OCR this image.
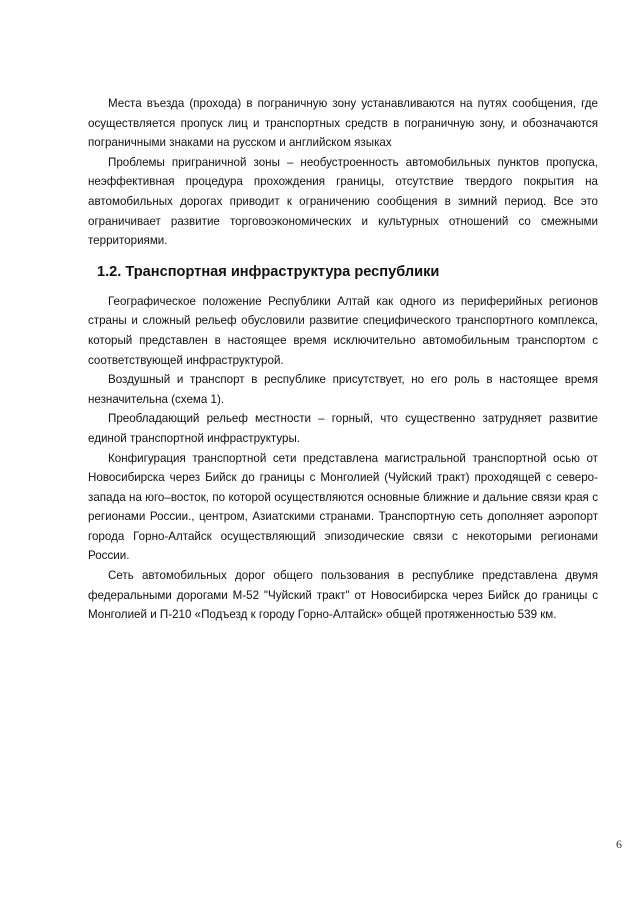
Места въезда (прохода) в пограничную зону устанавливаются на путях сообщения, где осуществляется пропуск лиц и транспортных средств в пограничную зону, и обозначаются пограничными знаками на русском и английском языках

Проблемы приграничной зоны – необустроенность автомобильных пунктов пропуска, неэффективная процедура прохождения границы, отсутствие твердого покрытия на автомобильных дорогах приводит к ограничению сообщения в зимний период. Все это ограничивает развитие торговоэкономических и культурных отношений со смежными территориями.

1.2. Транспортная инфраструктура республики

Географическое положение Республики Алтай как одного из периферийных регионов страны и сложный рельеф обусловили развитие специфического транспортного комплекса, который представлен в настоящее время исключительно автомобильным транспортом с соответствующей инфраструктурой.

Воздушный и транспорт в республике присутствует, но его роль в настоящее время незначительна (схема 1).

Преобладающий рельеф местности – горный, что существенно затрудняет развитие единой транспортной инфраструктуры.

Конфигурация транспортной сети представлена магистральной транспортной осью от Новосибирска через Бийск до границы с Монголией (Чуйский тракт) проходящей с северо-запада на юго–восток, по которой осуществляются основные ближние и дальние связи края с регионами России., центром, Азиатскими странами. Транспортную сеть дополняет аэропорт города Горно-Алтайск осуществляющий эпизодические связи с некоторыми регионами России.

Сеть автомобильных дорог общего пользования в республике представлена двумя федеральными дорогами М-52 "Чуйский тракт" от Новосибирска через Бийск до границы с Монголией и П-210 «Подъезд к городу Горно-Алтайск» общей протяженностью 539 км.

6
